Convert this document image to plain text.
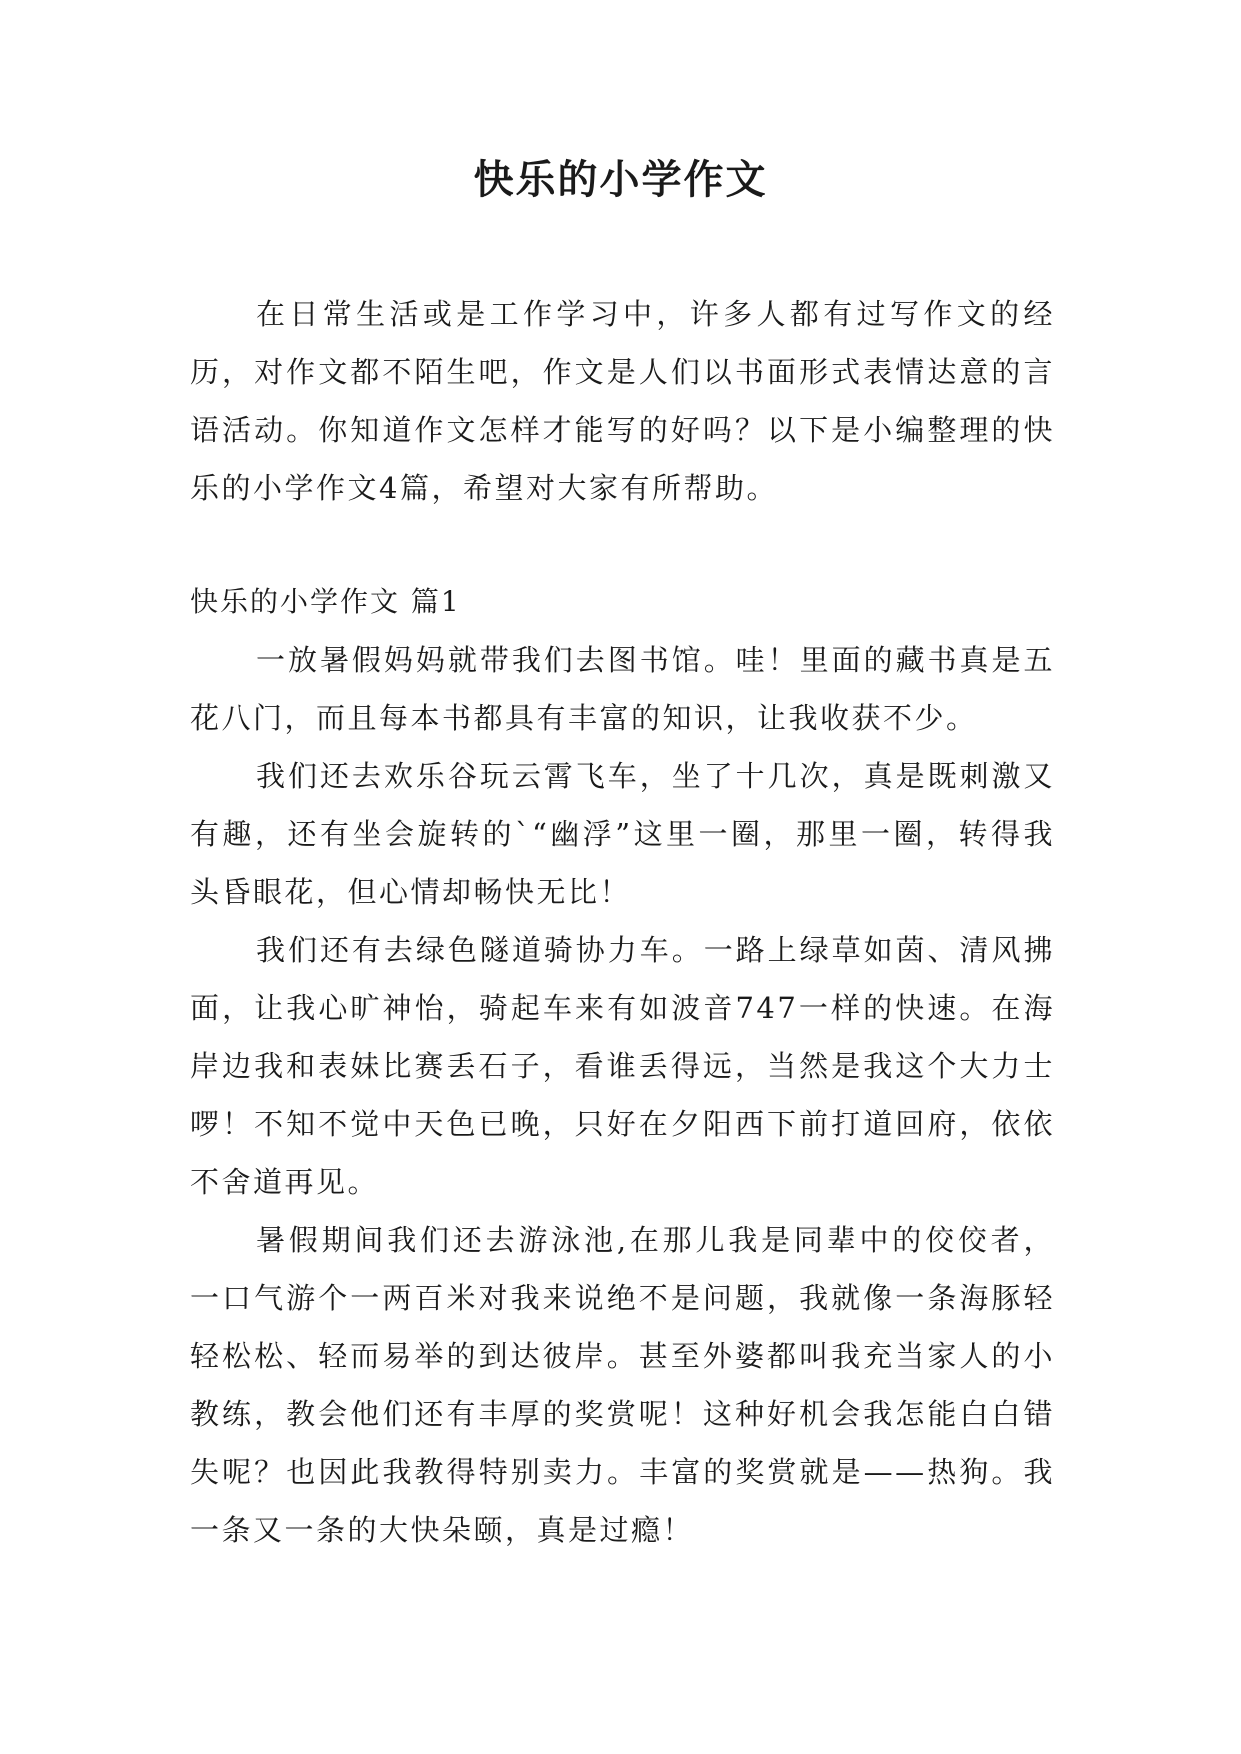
快乐的小学作文

在日常生活或是工作学习中，许多人都有过写作文的经历，对作文都不陌生吧，作文是人们以书面形式表情达意的言语活动。你知道作文怎样才能写的好吗？以下是小编整理的快乐的小学作文4篇，希望对大家有所帮助。

快乐的小学作文 篇1

一放暑假妈妈就带我们去图书馆。哇！里面的藏书真是五花八门，而且每本书都具有丰富的知识，让我收获不少。

我们还去欢乐谷玩云霄飞车，坐了十几次，真是既刺激又有趣，还有坐会旋转的`“幽浮”这里一圈，那里一圈，转得我头昏眼花，但心情却畅快无比！

我们还有去绿色隧道骑协力车。一路上绿草如茵、清风拂面，让我心旷神怡，骑起车来有如波音747一样的快速。在海岸边我和表妹比赛丢石子，看谁丢得远，当然是我这个大力士啰！不知不觉中天色已晚，只好在夕阳西下前打道回府，依依不舍道再见。

暑假期间我们还去游泳池,在那儿我是同辈中的佼佼者，一口气游个一两百米对我来说绝不是问题，我就像一条海豚轻轻松松、轻而易举的到达彼岸。甚至外婆都叫我充当家人的小教练，教会他们还有丰厚的奖赏呢！这种好机会我怎能白白错失呢？也因此我教得特别卖力。丰富的奖赏就是——热狗。我一条又一条的大快朵颐，真是过瘾！
